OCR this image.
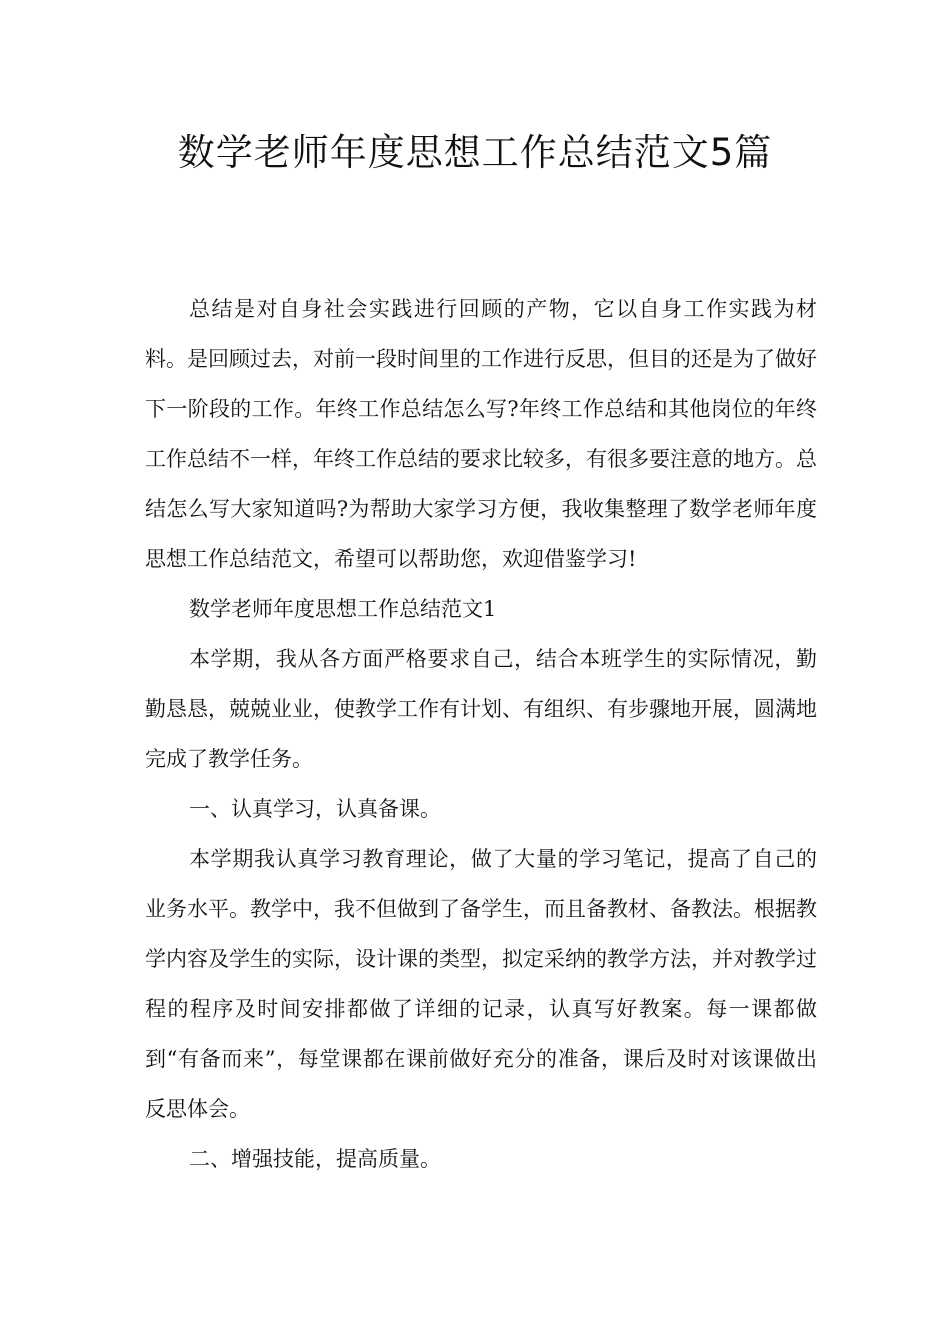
数学老师年度思想工作总结范文5篇

总结是对自身社会实践进行回顾的产物，它以自身工作实践为材料。是回顾过去，对前一段时间里的工作进行反思，但目的还是为了做好下一阶段的工作。年终工作总结怎么写?年终工作总结和其他岗位的年终工作总结不一样，年终工作总结的要求比较多，有很多要注意的地方。总结怎么写大家知道吗?为帮助大家学习方便，我收集整理了数学老师年度思想工作总结范文，希望可以帮助您，欢迎借鉴学习!

数学老师年度思想工作总结范文1

本学期，我从各方面严格要求自己，结合本班学生的实际情况，勤勤恳恳，兢兢业业，使教学工作有计划、有组织、有步骤地开展，圆满地完成了教学任务。

一、认真学习，认真备课。

本学期我认真学习教育理论，做了大量的学习笔记，提高了自己的业务水平。教学中，我不但做到了备学生，而且备教材、备教法。根据教学内容及学生的实际，设计课的类型，拟定采纳的教学方法，并对教学过程的程序及时间安排都做了详细的记录，认真写好教案。每一课都做到“有备而来”，每堂课都在课前做好充分的准备，课后及时对该课做出反思体会。

二、增强技能，提高质量。
